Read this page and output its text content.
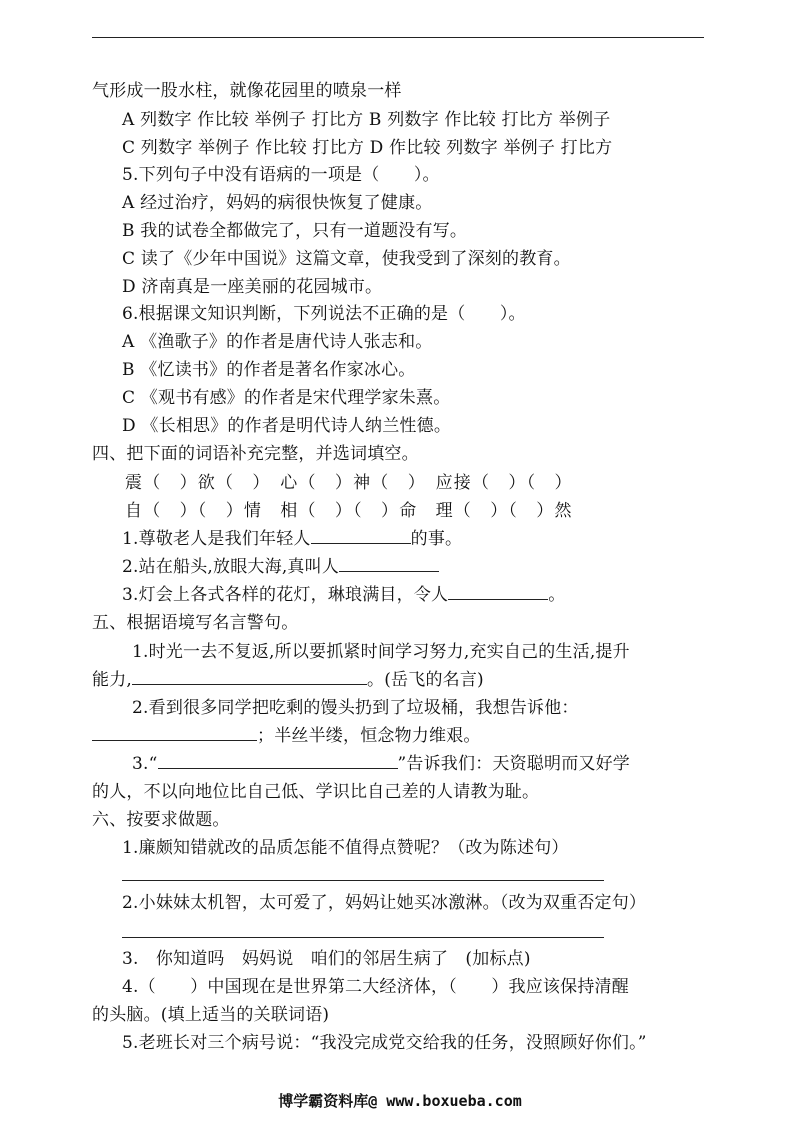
气形成一股水柱，就像花园里的喷泉一样
A 列数字 作比较 举例子 打比方 B 列数字 作比较 打比方 举例子
C 列数字 举例子 作比较 打比方 D 作比较 列数字 举例子 打比方
5.下列句子中没有语病的一项是（　　）。
A 经过治疗，妈妈的病很快恢复了健康。
B 我的试卷全都做完了，只有一道题没有写。
C 读了《少年中国说》这篇文章，使我受到了深刻的教育。
D 济南真是一座美丽的花园城市。
6.根据课文知识判断，下列说法不正确的是（　　）。
A 《渔歌子》的作者是唐代诗人张志和。
B 《忆读书》的作者是著名作家冰心。
C 《观书有感》的作者是宋代理学家朱熹。
D 《长相思》的作者是明代诗人纳兰性德。
四、把下面的词语补充完整，并选词填空。
震（　）欲（　）　心（　）神（　）　应接（　）（　）
自（　）（　）情　相（　）（　）命　理（　）（　）然
1.尊敬老人是我们年轻人	的事。
2.站在船头,放眼大海,真叫人
3.灯会上各式各样的花灯，琳琅满目，令人	。
五、根据语境写名言警句。
1.时光一去不复返,所以要抓紧时间学习努力,充实自己的生活,提升
能力,	。(岳飞的名言)
2.看到很多同学把吃剩的馒头扔到了垃圾桶，我想告诉他：
；半丝半缕，恒念物力维艰。
3.“	”告诉我们：天资聪明而又好学
的人，不以向地位比自己低、学识比自己差的人请教为耻。
六、按要求做题。
1.廉颇知错就改的品质怎能不值得点赞呢？（改为陈述句）
2.小妹妹太机智，太可爱了，妈妈让她买冰激淋。（改为双重否定句）
3.　你知道吗　妈妈说　咱们的邻居生病了　(加标点)
4.（　　）中国现在是世界第二大经济体，（　　）我应该保持清醒
的头脑。(填上适当的关联词语)
5.老班长对三个病号说：“我没完成党交给我的任务，没照顾好你们。”
博学霸资料库@ www.boxueba.com
